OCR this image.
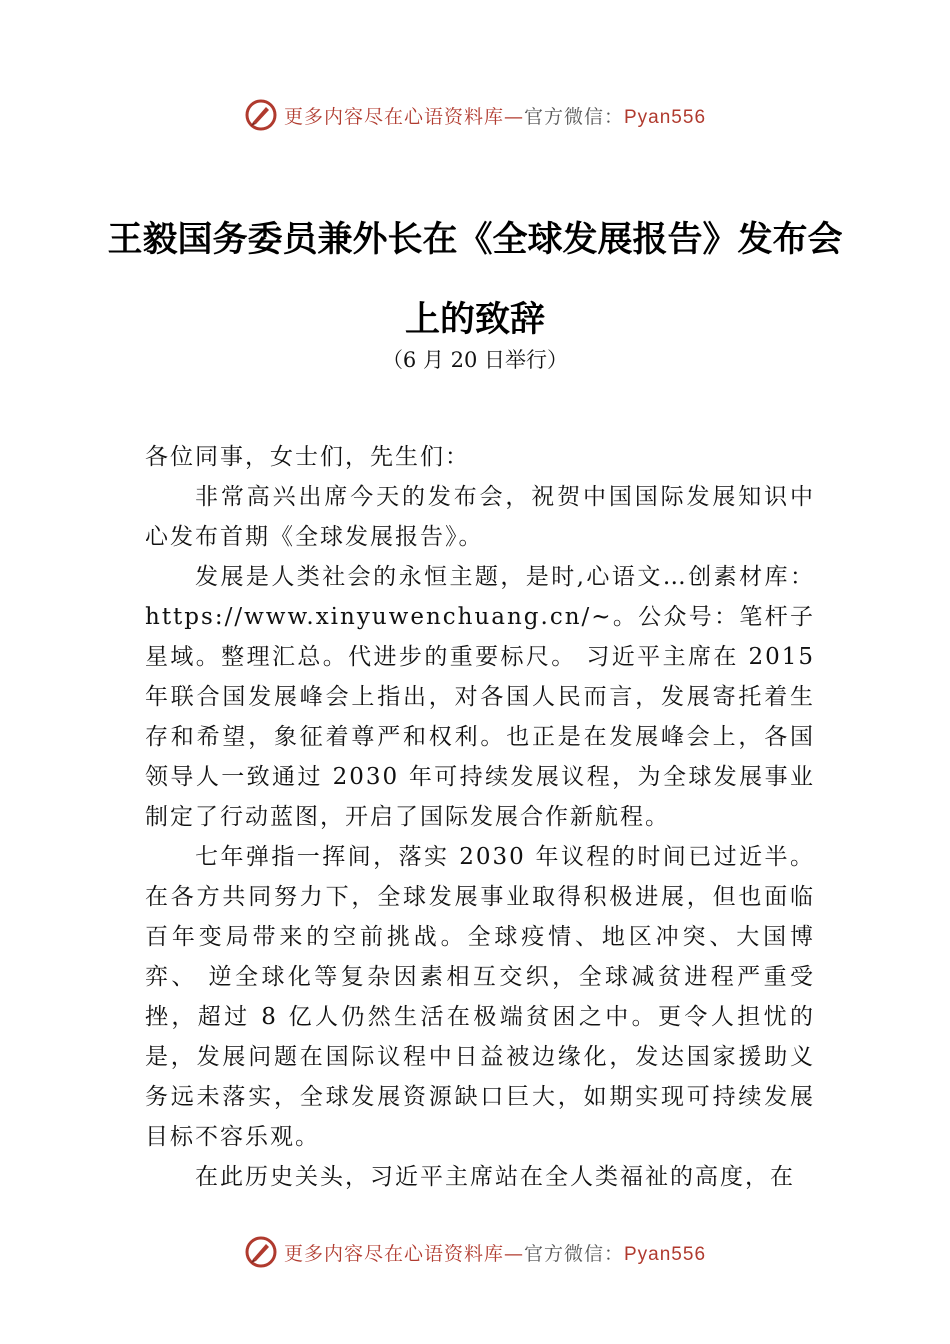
更多内容尽在心语资料库—官方微信：Pyan556
王毅国务委员兼外长在《全球发展报告》发布会上的致辞
（6 月 20 日举行）

各位同事，女士们，先生们：

非常高兴出席今天的发布会，祝贺中国国际发展知识中心发布首期《全球发展报告》。

发展是人类社会的永恒主题，是时,心语文…创素材库：https://www.xinyuwenchuang.cn/~。公众号：笔杆子星域。整理汇总。代进步的重要标尺。 习近平主席在 2015 年联合国发展峰会上指出，对各国人民而言，发展寄托着生存和希望，象征着尊严和权利。也正是在发展峰会上，各国领导人一致通过 2030 年可持续发展议程，为全球发展事业制定了行动蓝图，开启了国际发展合作新航程。

七年弹指一挥间，落实 2030 年议程的时间已过近半。在各方共同努力下，全球发展事业取得积极进展，但也面临百年变局带来的空前挑战。全球疫情、地区冲突、大国博弈、 逆全球化等复杂因素相互交织，全球减贫进程严重受挫，超过 8 亿人仍然生活在极端贫困之中。更令人担忧的是，发展问题在国际议程中日益被边缘化，发达国家援助义务远未落实，全球发展资源缺口巨大，如期实现可持续发展目标不容乐观。

在此历史关头，习近平主席站在全人类福祉的高度，在

更多内容尽在心语资料库—官方微信：Pyan556
